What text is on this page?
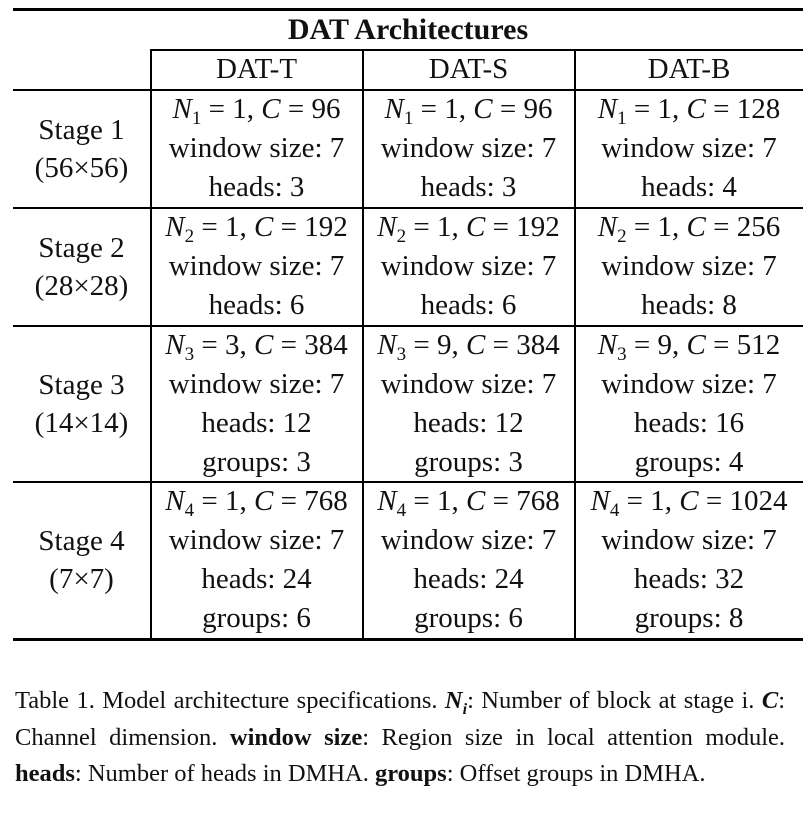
DAT Architectures
DAT-T	DAT-S	DAT-B
Stage 1
(56×56)
Stage 2
(28×28)
Stage 3
(14×14)
Stage 4
(7×7)
$N_1 = 1$, C = 96
window size: 7
heads: 3
$N_1 = 1$, C = 96
window size: 7
heads: 3
$N_1 = 1$, C = 128
window size: 7
heads: 4
$N_2 = 1$, C = 192
window size: 7
heads: 6
$N_2 = 1$, C = 192
window size: 7
heads: 6
$N_2 = 1$, C = 256
window size: 7
heads: 8
$N_3 = 3$, C = 384
window size: 7
heads: 12
groups: 3
$N_3 = 9$, C = 384
window size: 7
heads: 12
groups: 3
$N_3 = 9$, C = 512
window size: 7
heads: 16
groups: 4
$N_4 = 1$, C = 768
window size: 7
heads: 24
groups: 6
$N_4 = 1$, C = 768
window size: 7
heads: 24
groups: 6
$N_4 = 1$, C = 1024
window size: 7
heads: 32
groups: 8
Table 1. Model architecture specifications. $N_i$: Number of block at stage i. C: Channel dimension. window size: Region size in local attention module. heads: Number of heads in DMHA. groups: Offset groups in DMHA.
